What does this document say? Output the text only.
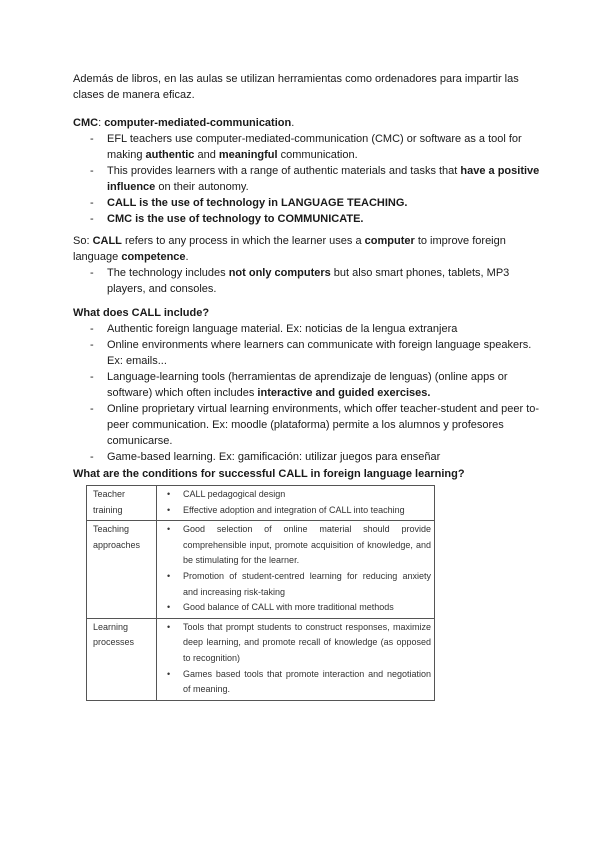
Además de libros, en las aulas se utilizan herramientas como ordenadores para impartir las

clases de manera eficaz.

CMC: computer-mediated-communication.

- EFL teachers use computer-mediated-communication (CMC) or software as a tool for making authentic and meaningful communication.
- This provides learners with a range of authentic materials and tasks that have a positive influence on their autonomy.
- CALL is the use of technology in LANGUAGE TEACHING.
- CMC is the use of technology to COMMUNICATE.

So: CALL refers to any process in which the learner uses a computer to improve foreign language competence.

- The technology includes not only computers but also smart phones, tablets, MP3 players, and consoles.

What does CALL include?

- Authentic foreign language material. Ex: noticias de la lengua extranjera
- Online environments where learners can communicate with foreign language speakers. Ex: emails...
- Language-learning tools (herramientas de aprendizaje de lenguas) (online apps or software) which often includes interactive and guided exercises.
- Online proprietary virtual learning environments, which offer teacher-student and peer to-peer communication. Ex: moodle (plataforma) permite a los alumnos y profesores comunicarse.
- Game-based learning. Ex: gamificación: utilizar juegos para enseñar

What are the conditions for successful CALL in foreign language learning?

Teacher training	• CALL pedagogical design
• Effective adoption and integration of CALL into teaching

Teaching approaches	• Good selection of online material should provide comprehensible input, promote acquisition of knowledge, and be stimulating for the learner.
• Promotion of student-centred learning for reducing anxiety and increasing risk-taking
• Good balance of CALL with more traditional methods

Learning processes	• Tools that prompt students to construct responses, maximize deep learning, and promote recall of knowledge (as opposed to recognition)
• Games based tools that promote interaction and negotiation of meaning.
